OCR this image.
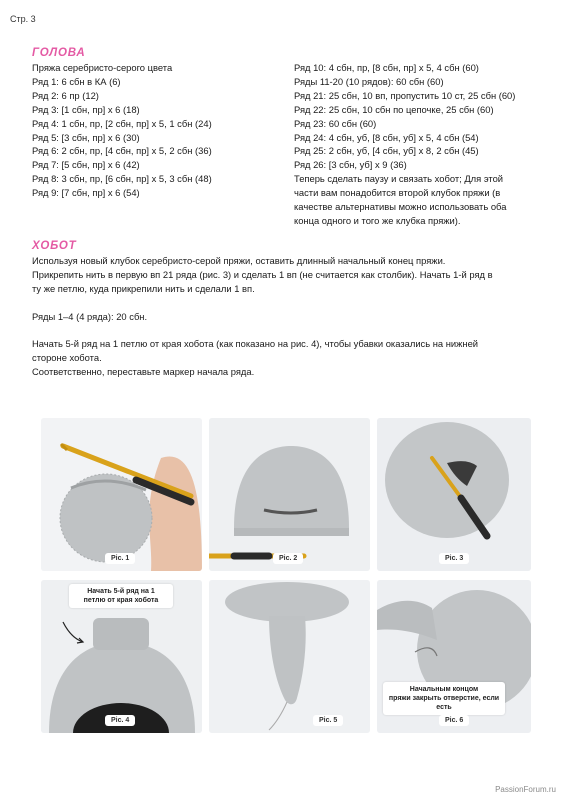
Стр. 3
ГОЛОВА
Пряжа серебристо-серого цвета
Ряд 1: 6 сбн в КА (6)
Ряд 2: 6 пр (12)
Ряд 3: [1 сбн, пр] x 6 (18)
Ряд 4: 1 сбн, пр, [2 сбн, пр] x 5, 1 сбн (24)
Ряд 5: [3 сбн, пр] x 6 (30)
Ряд 6: 2 сбн, пр, [4 сбн, пр] x 5, 2 сбн (36)
Ряд 7: [5 сбн, пр] x 6 (42)
Ряд 8: 3 сбн, пр, [6 сбн, пр] x 5, 3 сбн (48)
Ряд 9: [7 сбн, пр] x 6 (54)
Ряд 10: 4 сбн, пр, [8 сбн, пр] x 5, 4 сбн (60)
Ряды 11-20 (10 рядов): 60 сбн (60)
Ряд 21: 25 сбн, 10 вп, пропустить 10 ст, 25 сбн (60)
Ряд 22: 25 сбн, 10 сбн по цепочке, 25 сбн (60)
Ряд 23: 60 сбн (60)
Ряд 24: 4 сбн, уб, [8 сбн, уб] x 5, 4 сбн (54)
Ряд 25: 2 сбн, уб, [4 сбн, уб] x 8, 2 сбн (45)
Ряд 26: [3 сбн, уб] x 9 (36)
Теперь сделать паузу и связать хобот; Для этой
части вам понадобится второй клубок пряжи (в
качестве альтернативы можно использовать оба
конца одного и того же клубка пряжи).
ХОБОТ
Используя новый клубок серебристо-серой пряжи, оставить длинный начальный конец пряжи.
Прикрепить нить в первую вп 21 ряда (рис. 3) и сделать 1 вп (не считается как столбик). Начать 1-й ряд в
ту же петлю, куда прикрепили нить и сделали 1 вп.
Ряды 1–4 (4 ряда): 20 сбн.
Начать 5-й ряд на 1 петлю от края хобота (как показано на рис. 4), чтобы убавки оказались на нижней
стороне хобота.
Соответственно, переставьте маркер начала ряда.
Pic. 1	Pic. 2	Pic. 3
Начать 5-й ряд на 1
петлю от края хобота
Pic. 4	Pic. 5
Начальным концом
пряжи закрыть отверстие, если есть
Pic. 6
PassionForum.ru
